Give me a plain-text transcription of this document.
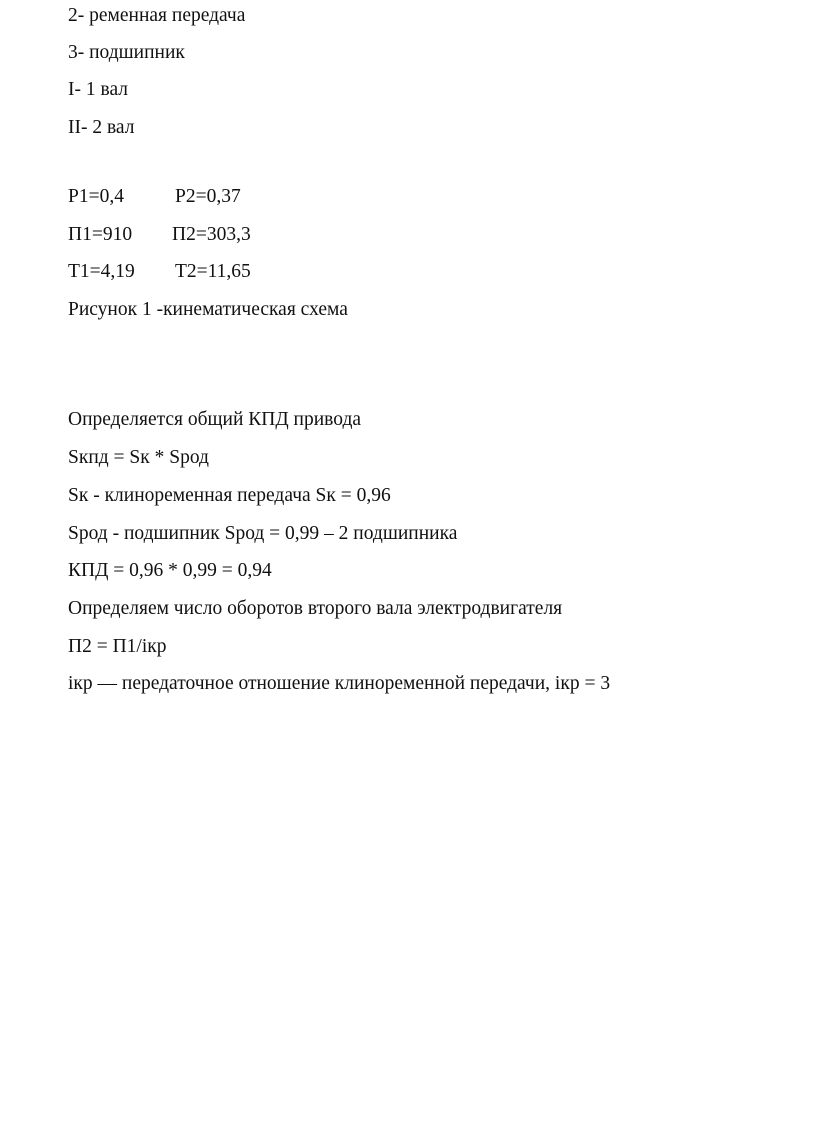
2- ременная передача
3- подшипник
I- 1 вал
II- 2 вал
P1=0,4	P2=0,37
П1=910 П2=303,3
T1=4,19 T2=11,65
Рисунок 1 -кинематическая схема
Определяется общий КПД привода
Sкпд = Sк * Sрод
Sк - клиноременная передача Sк = 0,96
Sрод - подшипник Sрод = 0,99 – 2 подшипника
КПД = 0,96 * 0,99 = 0,94
Определяем число оборотов второго вала электродвигателя
П2 = П1/iкр
iкр — передаточное отношение клиноременной передачи, iкр = 3
